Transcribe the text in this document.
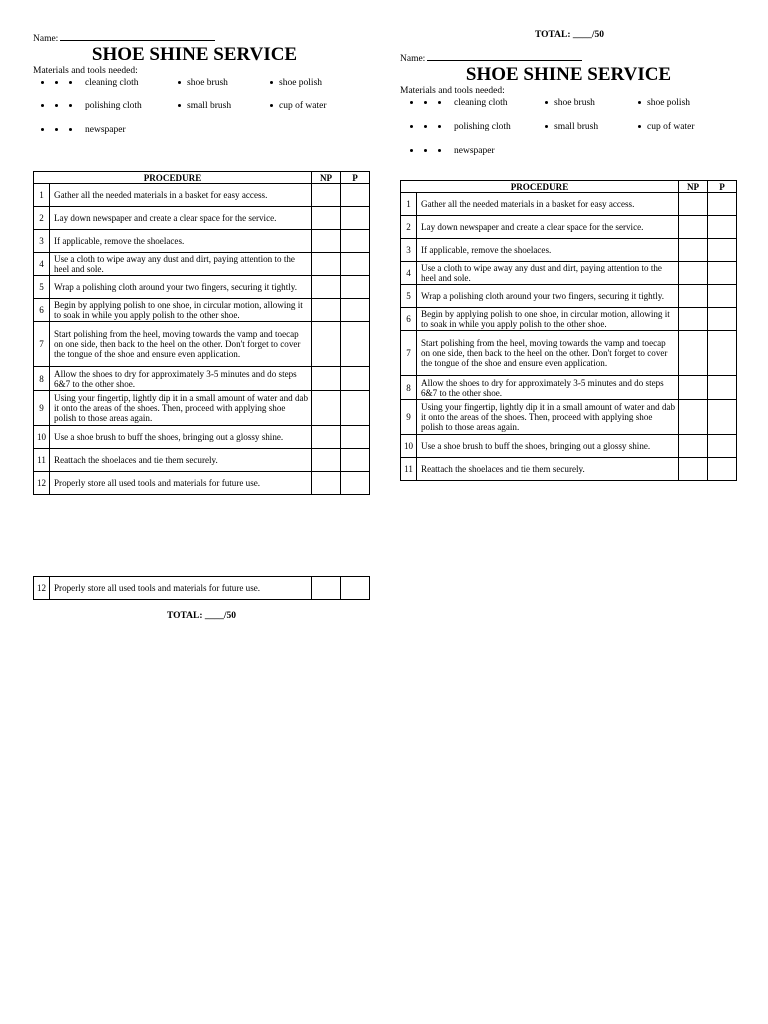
Name:
SHOE SHINE SERVICE
Materials and tools needed:
cleaning cloth	shoe brush	shoe polish
polishing cloth	small brush	cup of water
newspaper
PROCEDURE		NP	P
1	Gather all the needed materials in a basket for easy access.		
2	Lay down newspaper and create a clear space for the service.		
3	If applicable, remove the shoelaces.		
4	Use a cloth to wipe away any dust and dirt, paying attention to the heel and sole.		
5	Wrap a polishing cloth around your two fingers, securing it tightly.		
6	Begin by applying polish to one shoe, in circular motion, allowing it to soak in while you apply polish to the other shoe.		
7	Start polishing from the heel, moving towards the vamp and toecap on one side, then back to the heel on the other. Don't forget to cover the tongue of the shoe and ensure even application.		
8	Allow the shoes to dry for approximately 3-5 minutes and do steps 6&7 to the other shoe.		
9	Using your fingertip, lightly dip it in a small amount of water and dab it onto the areas of the shoes. Then, proceed with applying shoe polish to those areas again.		
10	Use a shoe brush to buff the shoes, bringing out a glossy shine.		
11	Reattach the shoelaces and tie them securely.		
12	Properly store all used tools and materials for future use.		
12	Properly store all used tools and materials for future use.		
TOTAL: ____/50
TOTAL: ____/50
Name:
SHOE SHINE SERVICE
Materials and tools needed:
cleaning cloth	shoe brush	shoe polish
polishing cloth	small brush	cup of water
newspaper
PROCEDURE		NP	P
1	Gather all the needed materials in a basket for easy access.		
2	Lay down newspaper and create a clear space for the service.		
3	If applicable, remove the shoelaces.		
4	Use a cloth to wipe away any dust and dirt, paying attention to the heel and sole.		
5	Wrap a polishing cloth around your two fingers, securing it tightly.		
6	Begin by applying polish to one shoe, in circular motion, allowing it to soak in while you apply polish to the other shoe.		
7	Start polishing from the heel, moving towards the vamp and toecap on one side, then back to the heel on the other. Don't forget to cover the tongue of the shoe and ensure even application.		
8	Allow the shoes to dry for approximately 3-5 minutes and do steps 6&7 to the other shoe.		
9	Using your fingertip, lightly dip it in a small amount of water and dab it onto the areas of the shoes. Then, proceed with applying shoe polish to those areas again.		
10	Use a shoe brush to buff the shoes, bringing out a glossy shine.		
11	Reattach the shoelaces and tie them securely.		
